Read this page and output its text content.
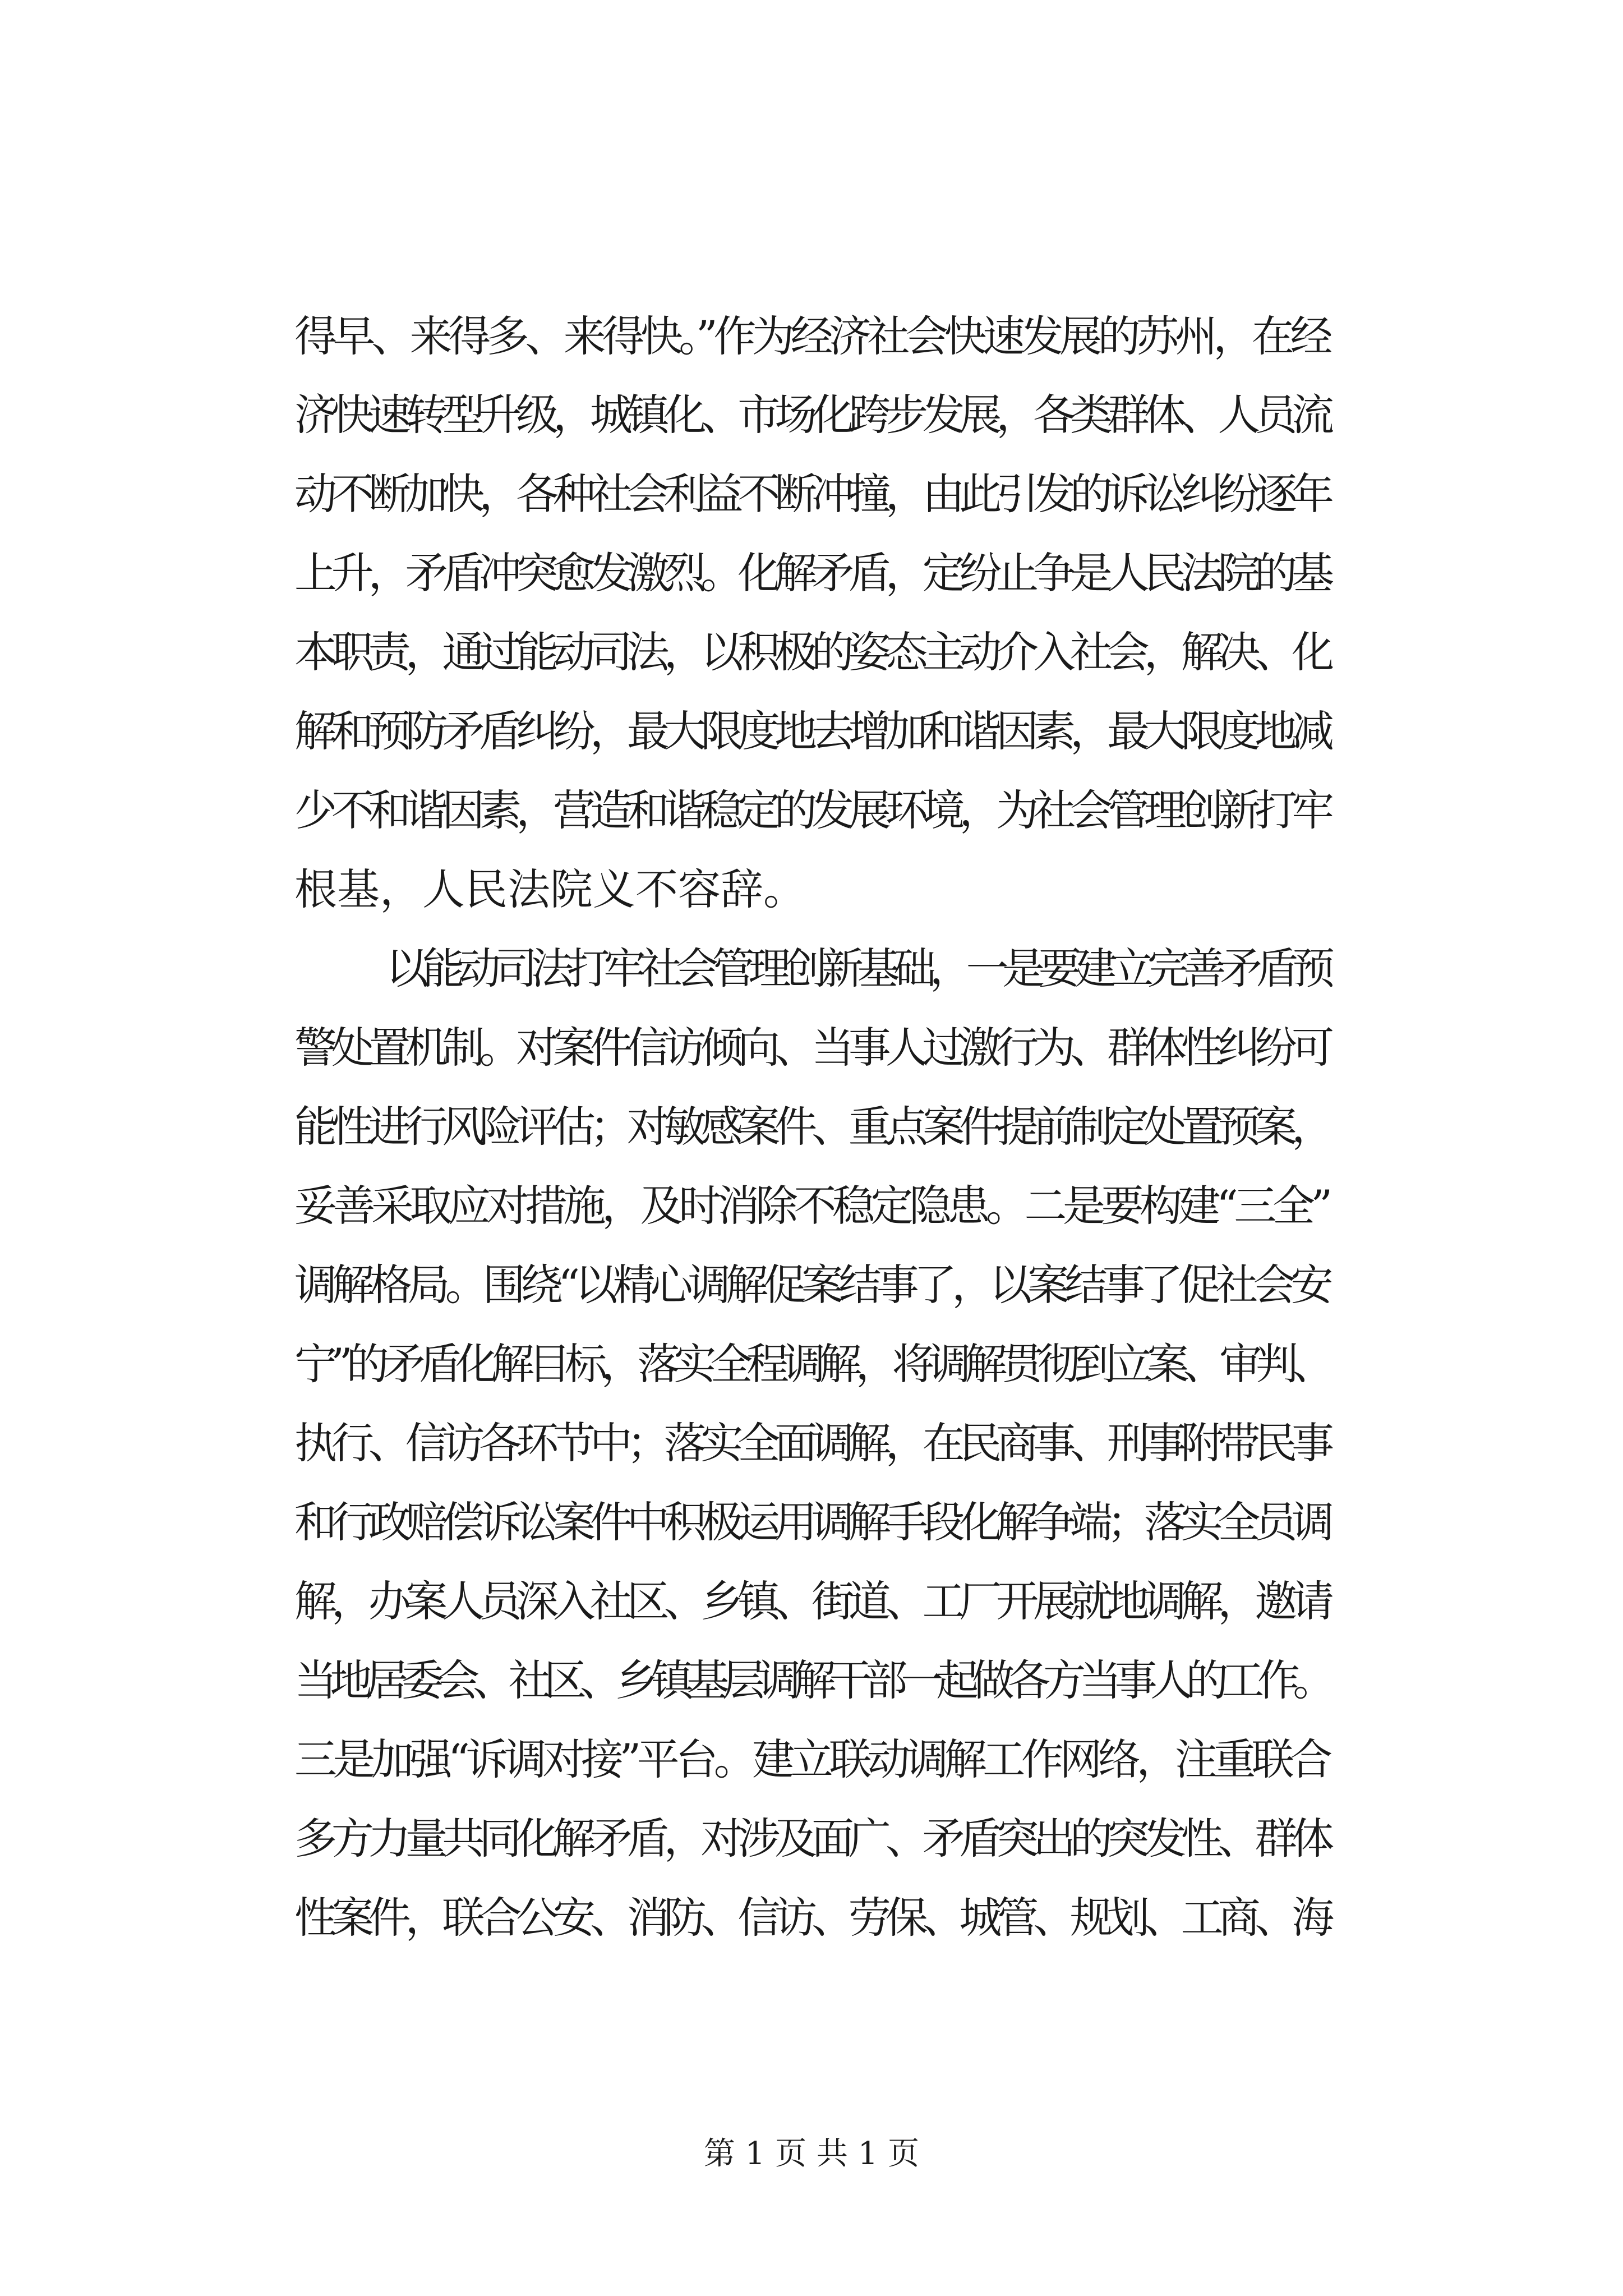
得早、来得多、来得快。”作为经济社会快速发展的苏州，在经
济快速转型升级，城镇化、市场化跨步发展，各类群体、人员流
动不断加快，各种社会利益不断冲撞，由此引发的诉讼纠纷逐年
上升，矛盾冲突愈发激烈。化解矛盾，定纷止争是人民法院的基
本职责，通过能动司法，以积极的姿态主动介入社会，解决、化
解和预防矛盾纠纷，最大限度地去增加和谐因素，最大限度地减
少不和谐因素，营造和谐稳定的发展环境，为社会管理创新打牢
根基，人民法院义不容辞。
以能动司法打牢社会管理创新基础，一是要建立完善矛盾预
警处置机制。对案件信访倾向、当事人过激行为、群体性纠纷可
能性进行风险评估；对敏感案件、重点案件提前制定处置预案，
妥善采取应对措施，及时消除不稳定隐患。二是要构建“三全”
调解格局。围绕“以精心调解促案结事了，以案结事了促社会安
宁”的矛盾化解目标，落实全程调解，将调解贯彻到立案、审判、
执行、信访各环节中；落实全面调解，在民商事、刑事附带民事
和行政赔偿诉讼案件中积极运用调解手段化解争端；落实全员调
解，办案人员深入社区、乡镇、街道、工厂开展就地调解，邀请
当地居委会、社区、乡镇基层调解干部一起做各方当事人的工作。
三是加强“诉调对接”平台。建立联动调解工作网络，注重联合
多方力量共同化解矛盾，对涉及面广、矛盾突出的突发性、群体
性案件，联合公安、消防、信访、劳保、城管、规划、工商、海
第 1 页 共 1 页
